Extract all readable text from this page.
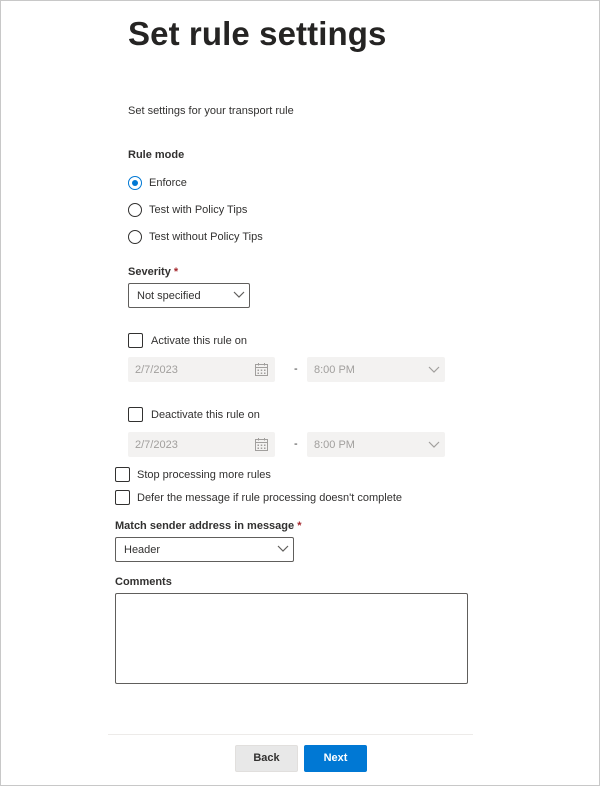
Set rule settings
Set settings for your transport rule
Rule mode
Enforce
Test with Policy Tips
Test without Policy Tips
Severity *
Not specified
Activate this rule on
2/7/2023	- 8:00 PM
Deactivate this rule on
2/7/2023	- 8:00 PM
Stop processing more rules
Defer the message if rule processing doesn't complete
Match sender address in message *
Header
Comments
Back	Next
